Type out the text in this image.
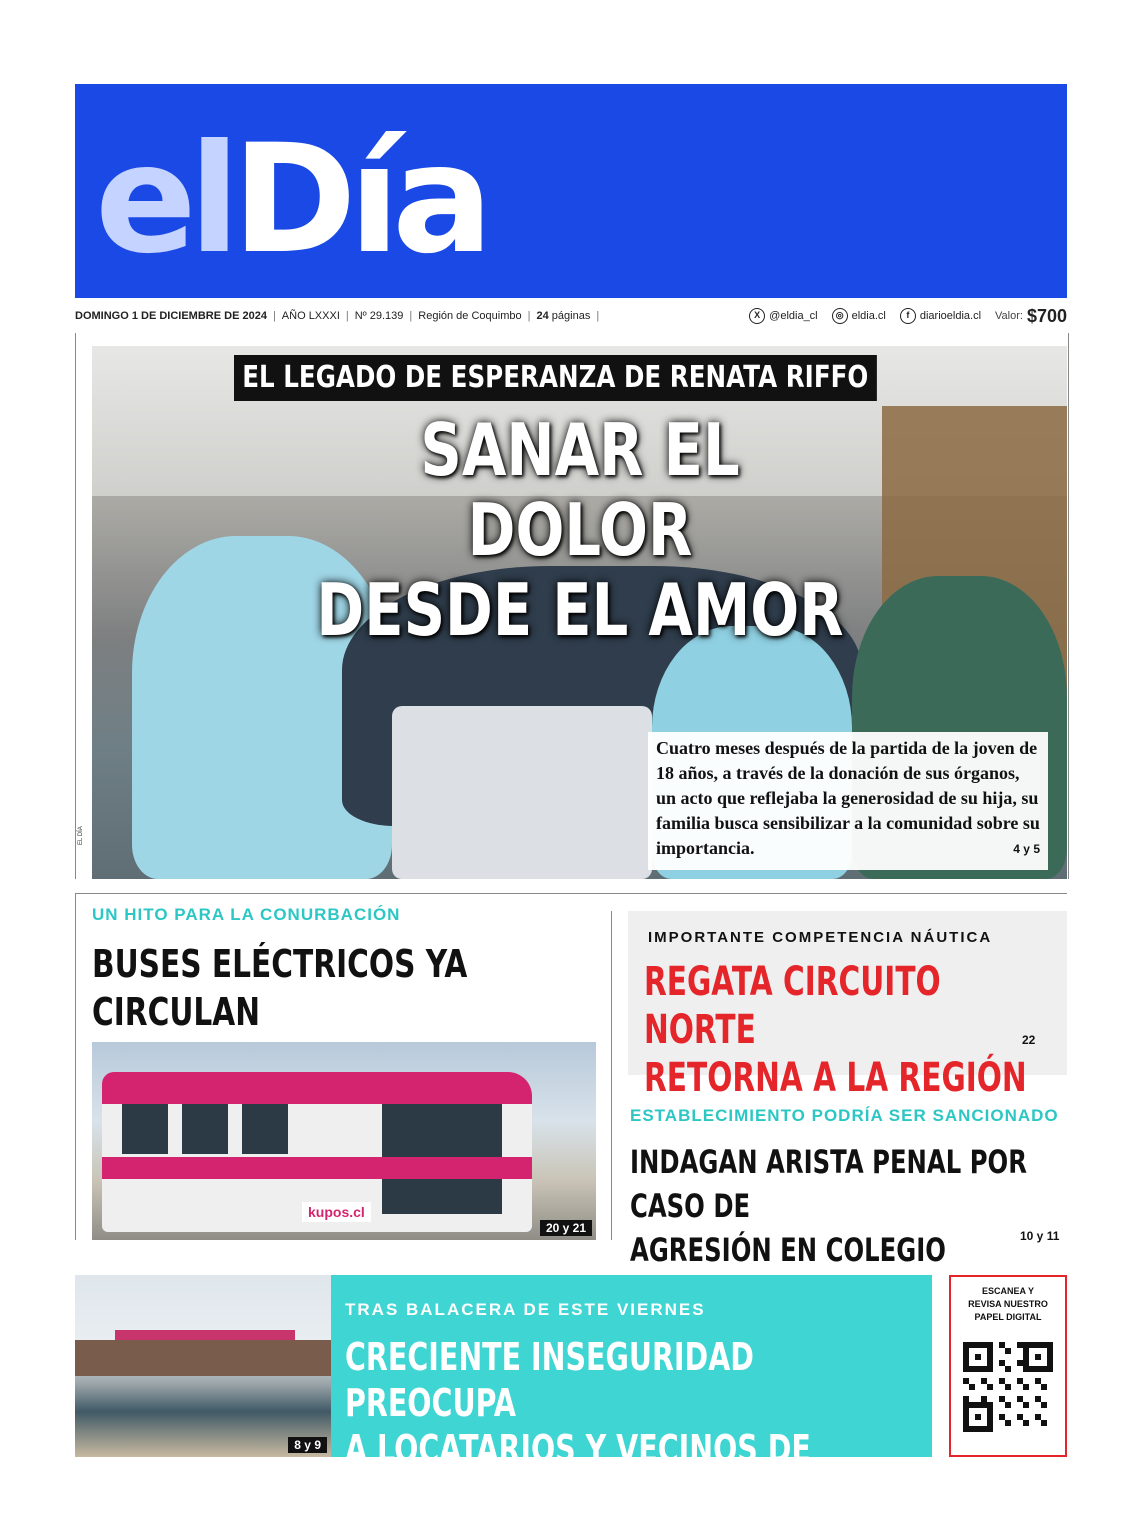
elDía
DOMINGO 1 DE DICIEMBRE DE 2024 | AÑO LXXXI | Nº 29.139 | Región de Coquimbo | 24 páginas |	X @eldia_cl	◎ eldia.cl	f diarioeldia.cl Valor: $700
EL LEGADO DE ESPERANZA DE RENATA RIFFO
SANAR EL DOLOR
DESDE EL AMOR
Cuatro meses después de la partida de la joven de 18 años, a través de la donación de sus órganos, un acto que reflejaba la generosidad de su hija, su familia busca sensibilizar a la comunidad sobre su importancia.	4 y 5
EL DÍA
UN HITO PARA LA CONURBACIÓN
BUSES ELÉCTRICOS YA CIRCULAN
kupos.cl
20 y 21
IMPORTANTE COMPETENCIA NÁUTICA
REGATA CIRCUITO NORTE
RETORNA A LA REGIÓN
22
ESTABLECIMIENTO PODRÍA SER SANCIONADO
INDAGAN ARISTA PENAL POR CASO DE
AGRESIÓN EN COLEGIO	10 y 11
8 y 9
TRAS BALACERA DE ESTE VIERNES
CRECIENTE INSEGURIDAD PREOCUPA
A LOCATARIOS Y VECINOS DE TONGOY
ESCANEA Y
REVISA NUESTRO
PAPEL DIGITAL
